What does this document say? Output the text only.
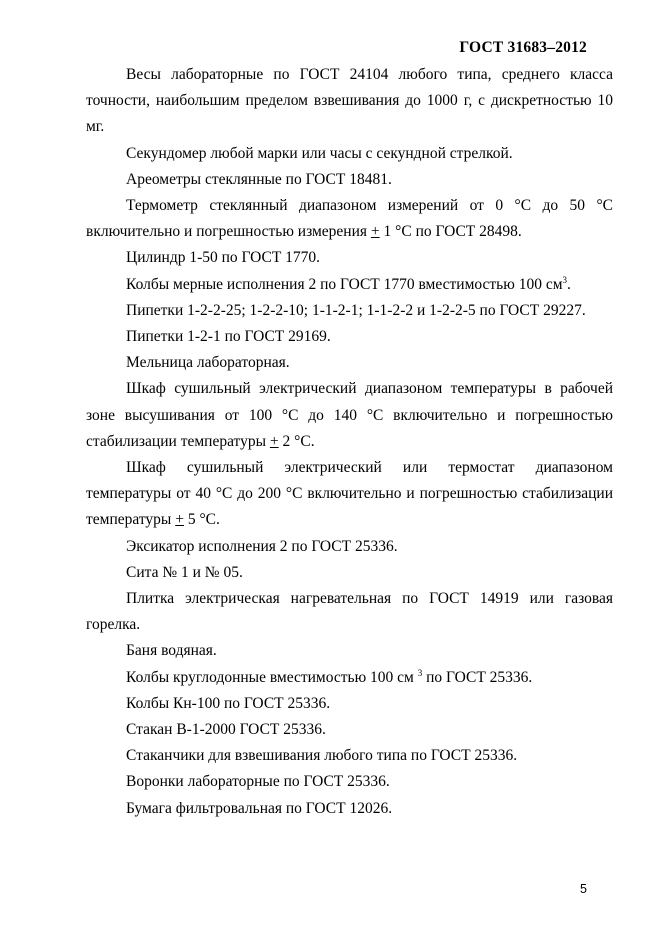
ГОСТ 31683–2012

Весы лабораторные по ГОСТ 24104 любого типа, среднего класса точности, наибольшим пределом взвешивания до 1000 г, с дискретностью 10 мг.

Секундомер любой марки или часы с секундной стрелкой.

Ареометры стеклянные по ГОСТ 18481.

Термометр стеклянный диапазоном измерений от 0 °С до 50 °С включительно и погрешностью измерения + 1 °С по ГОСТ 28498.

Цилиндр 1-50 по ГОСТ 1770.

Колбы мерные исполнения 2 по ГОСТ 1770 вместимостью 100 $см^3$.

Пипетки 1-2-2-25; 1-2-2-10; 1-1-2-1; 1-1-2-2 и 1-2-2-5 по ГОСТ 29227.

Пипетки 1-2-1 по ГОСТ 29169.

Мельница лабораторная.

Шкаф сушильный электрический диапазоном температуры в рабочей зоне высушивания от 100 °С до 140 °С включительно и погрешностью стабилизации температуры + 2 °С.

Шкаф сушильный электрический или термостат диапазоном температуры от 40 °С до 200 °С включительно и погрешностью стабилизации температуры + 5 °С.

Эксикатор исполнения 2 по ГОСТ 25336.

Сита № 1 и № 05.

Плитка электрическая нагревательная по ГОСТ 14919 или газовая горелка.

Баня водяная.

Колбы круглодонные вместимостью 100 см $^3$ по ГОСТ 25336.

Колбы Кн-100 по ГОСТ 25336.

Стакан В-1-2000 ГОСТ 25336.

Стаканчики для взвешивания любого типа по ГОСТ 25336.

Воронки лабораторные по ГОСТ 25336.

Бумага фильтровальная по ГОСТ 12026.

5
